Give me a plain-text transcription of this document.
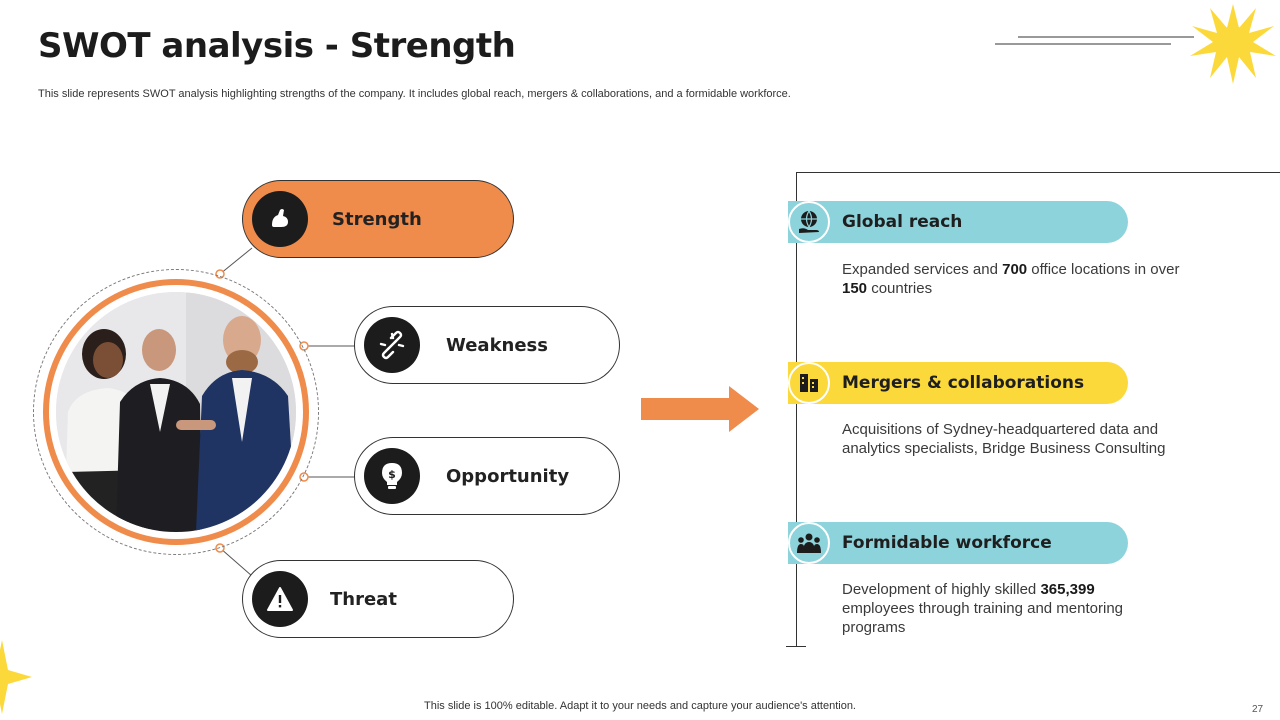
SWOT analysis - Strength
This slide represents SWOT analysis highlighting strengths of the company. It includes global reach, mergers & collaborations, and a formidable workforce.
Strength
Weakness
$	Opportunity
Threat
Global reach
Expanded services and 700 office locations in over 150 countries
Mergers & collaborations
Acquisitions of Sydney-headquartered data and analytics specialists, Bridge Business Consulting
Formidable workforce
Development of highly skilled 365,399 employees through training and mentoring programs
This slide is 100% editable. Adapt it to your needs and capture your audience's attention.	27
